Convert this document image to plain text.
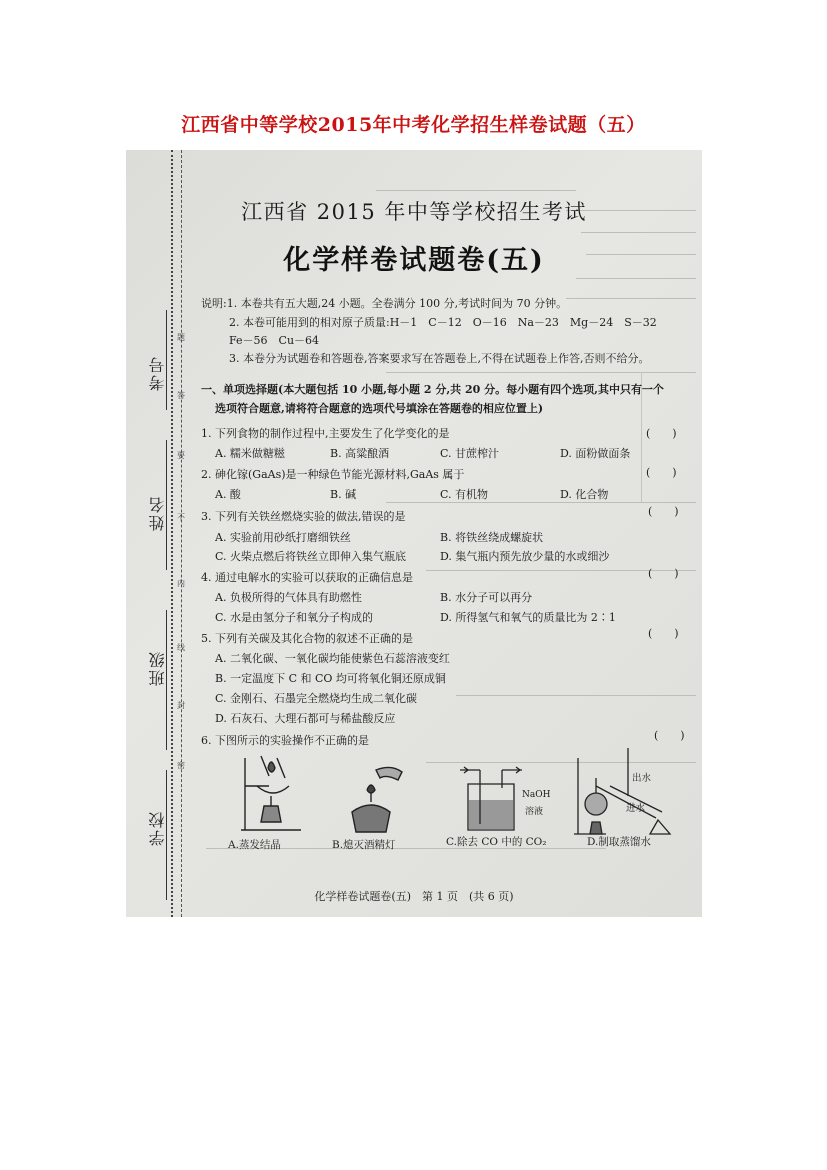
江西省中等学校2015年中考化学招生样卷试题（五）
考号
姓名
班级
学校
题
答
要
不
内
线
封
密
江西省 2015 年中等学校招生考试
化学样卷试题卷(五)
说明:1. 本卷共有五大题,24 小题。全卷满分 100 分,考试时间为 70 分钟。
2. 本卷可能用到的相对原子质量:H－1　C－12　O－16　Na－23　Mg－24　S－32
Fe－56　Cu－64
3. 本卷分为试题卷和答题卷,答案要求写在答题卷上,不得在试题卷上作答,否则不给分。
一、单项选择题(本大题包括 10 小题,每小题 2 分,共 20 分。每小题有四个选项,其中只有一个
选项符合题意,请将符合题意的选项代号填涂在答题卷的相应位置上)
1. 下列食物的制作过程中,主要发生了化学变化的是	(　　)
A. 糯米做糖糍	B. 高粱酿酒	C. 甘蔗榨汁	D. 面粉做面条
2. 砷化镓(GaAs)是一种绿色节能光源材料,GaAs 属于	(　　)
A. 酸	B. 碱	C. 有机物	D. 化合物
3. 下列有关铁丝燃烧实验的做法,错误的是	(　　)
A. 实验前用砂纸打磨细铁丝	B. 将铁丝绕成螺旋状
C. 火柴点燃后将铁丝立即伸入集气瓶底	D. 集气瓶内预先放少量的水或细沙
4. 通过电解水的实验可以获取的正确信息是	(　　)
A. 负极所得的气体具有助燃性	B. 水分子可以再分
C. 水是由氢分子和氧分子构成的	D. 所得氢气和氧气的质量比为 2∶1
5. 下列有关碳及其化合物的叙述不正确的是	(　　)
A. 二氧化碳、一氧化碳均能使紫色石蕊溶液变红
B. 一定温度下 C 和 CO 均可将氧化铜还原成铜
C. 金刚石、石墨完全燃烧均生成二氧化碳
D. 石灰石、大理石都可与稀盐酸反应
6. 下图所示的实验操作不正确的是	(　　)
A.蒸发结晶	B.熄灭酒精灯
NaOH
溶液
C.除去 CO 中的 CO₂
出水
进水
D.制取蒸馏水
化学样卷试题卷(五)　第 1 页　(共 6 页)
